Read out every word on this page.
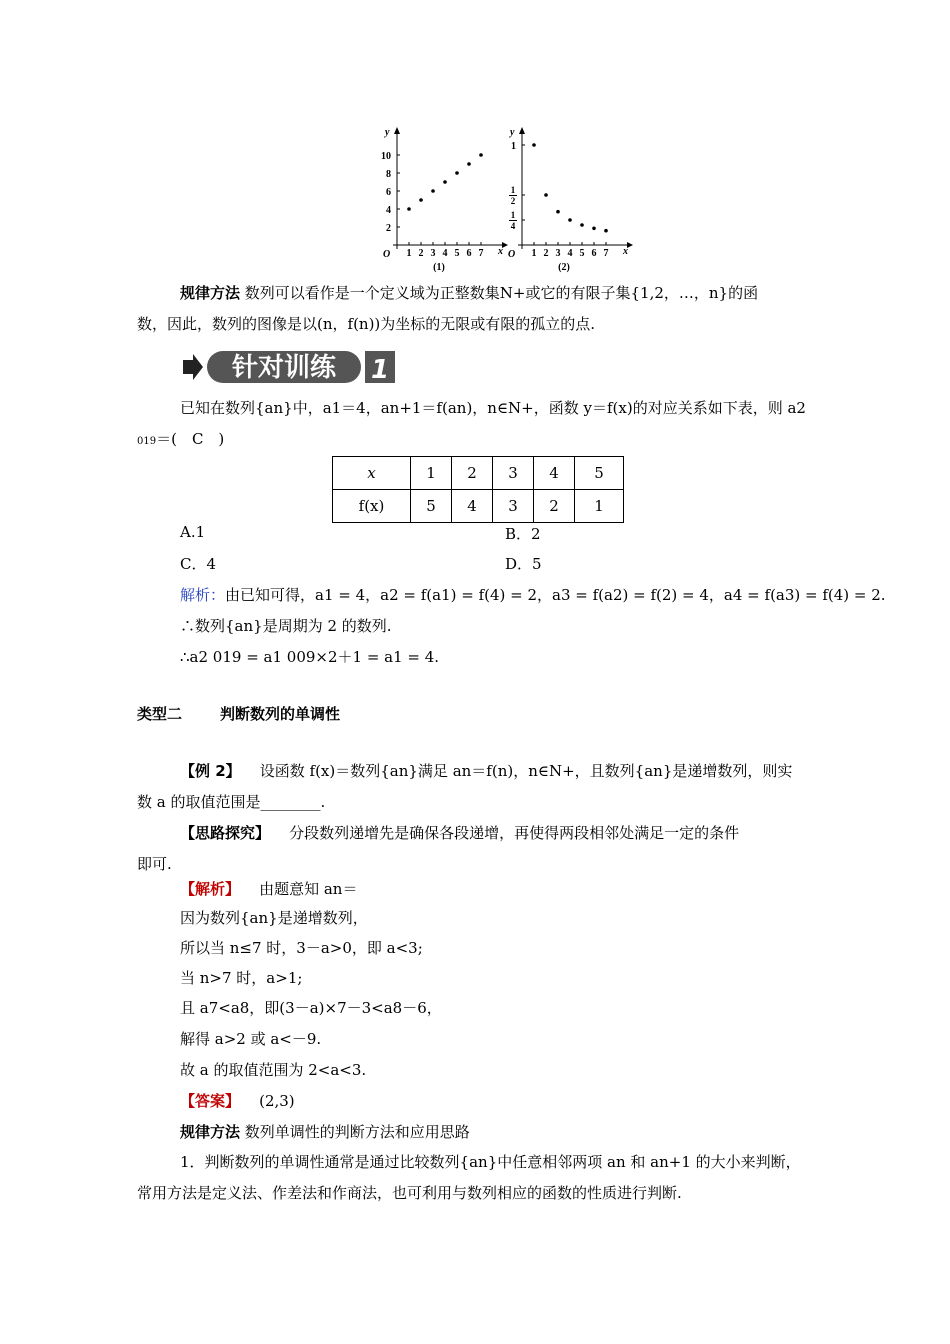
x
y
O 1 2 3 4 5 6 7
2
4
6
8
10
(1)
x
y
O 1 2 3 4 5 6 7
1
4
1
2
1
(2)
规律方法 数列可以看作是一个定义域为正整数集N+或它的有限子集{1,2，…，n}的函
数，因此，数列的图像是以(n，f(n))为坐标的无限或有限的孤立的点.
针对训练 1
已知在数列{an}中，a1＝4，an+1＝f(an)，n∈N+，函数 y＝f(x)的对应关系如下表，则 a2
019＝(　C　)
x	1	2	3	4	5
f(x)	5	4	3	2	1
A.1	B．2
C．4	D．5
解析：由已知可得，a1 = 4，a2 = f(a1) = f(4) = 2，a3 = f(a2) = f(2) = 4，a4 = f(a3) = f(4) = 2.
∴数列{an}是周期为 2 的数列.
∴a2 019 = a1 009×2＋1 = a1 = 4.
类型二	判断数列的单调性
【例 2】 设函数 f(x)＝数列{an}满足 an＝f(n)，n∈N+，且数列{an}是递增数列，则实
数 a 的取值范围是________.
【思路探究】 分段数列递增先是确保各段递增，再使得两段相邻处满足一定的条件
即可.
【解析】 由题意知 an＝
因为数列{an}是递增数列，
所以当 n≤7 时，3－a>0，即 a<3;
当 n>7 时，a>1;
且 a7<a8，即(3－a)×7－3<a8－6，
解得 a>2 或 a<－9.
故 a 的取值范围为 2<a<3.
【答案】 (2,3)
规律方法 数列单调性的判断方法和应用思路
1．判断数列的单调性通常是通过比较数列{an}中任意相邻两项 an 和 an+1 的大小来判断，
常用方法是定义法、作差法和作商法，也可利用与数列相应的函数的性质进行判断.
